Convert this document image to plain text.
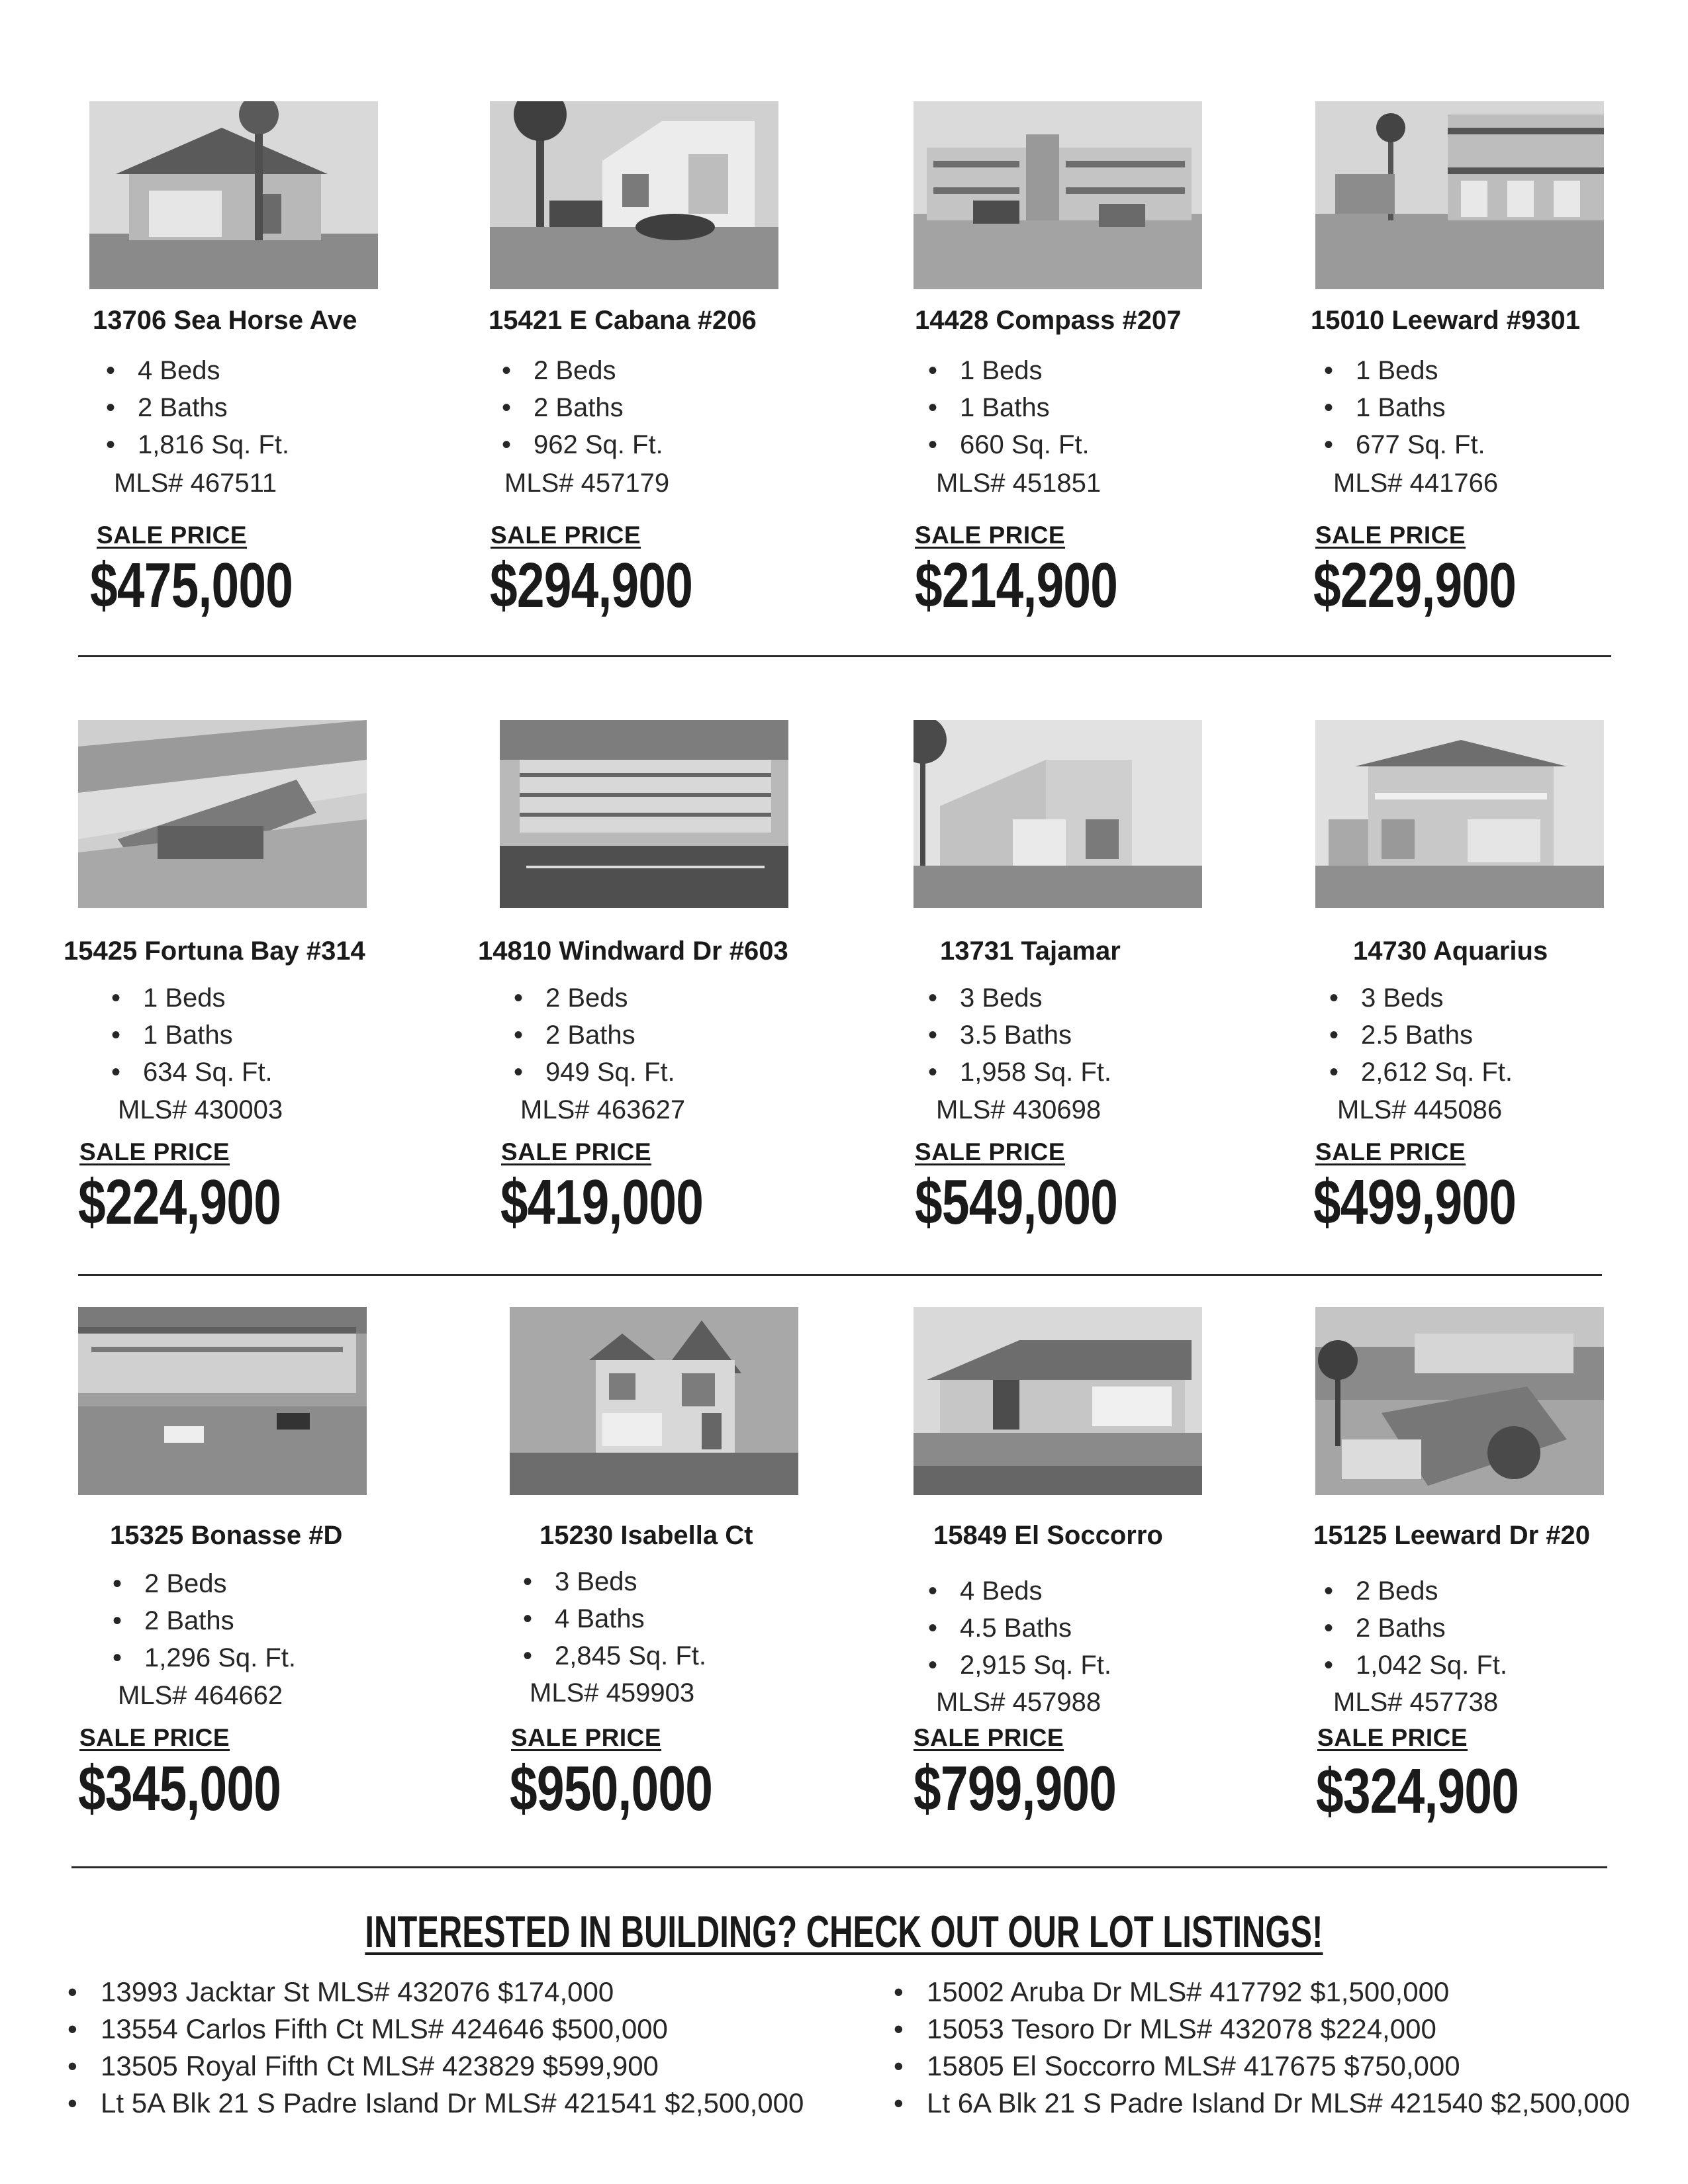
13706 Sea Horse Ave
• 4 Beds
• 2 Baths
• 1,816 Sq. Ft.
MLS# 467511
SALE PRICE
$475,000
15421 E Cabana #206
• 2 Beds
• 2 Baths
• 962 Sq. Ft.
MLS# 457179
SALE PRICE
$294,900
14428 Compass #207
• 1 Beds
• 1 Baths
• 660 Sq. Ft.
MLS# 451851
SALE PRICE
$214,900
15010 Leeward #9301
• 1 Beds
• 1 Baths
• 677 Sq. Ft.
MLS# 441766
SALE PRICE
$229,900
15425 Fortuna Bay #314
• 1 Beds
• 1 Baths
• 634 Sq. Ft.
MLS# 430003
SALE PRICE
$224,900
14810 Windward Dr #603
• 2 Beds
• 2 Baths
• 949 Sq. Ft.
MLS# 463627
SALE PRICE
$419,000
13731 Tajamar
• 3 Beds
• 3.5 Baths
• 1,958 Sq. Ft.
MLS# 430698
SALE PRICE
$549,000
14730 Aquarius
• 3 Beds
• 2.5 Baths
• 2,612 Sq. Ft.
MLS# 445086
SALE PRICE
$499,900
15325 Bonasse #D
• 2 Beds
• 2 Baths
• 1,296 Sq. Ft.
MLS# 464662
SALE PRICE
$345,000
15230 Isabella Ct
• 3 Beds
• 4 Baths
• 2,845 Sq. Ft.
MLS# 459903
SALE PRICE
$950,000
15849 El Soccorro
• 4 Beds
• 4.5 Baths
• 2,915 Sq. Ft.
MLS# 457988
SALE PRICE
$799,900
15125 Leeward Dr #20
• 2 Beds
• 2 Baths
• 1,042 Sq. Ft.
MLS# 457738
SALE PRICE
$324,900
INTERESTED IN BUILDING? CHECK OUT OUR LOT LISTINGS!
• 13993 Jacktar St MLS# 432076 $174,000
• 13554 Carlos Fifth Ct MLS# 424646 $500,000
• 13505 Royal Fifth Ct MLS# 423829 $599,900
• Lt 5A Blk 21 S Padre Island Dr MLS# 421541 $2,500,000
• 15002 Aruba Dr MLS# 417792 $1,500,000
• 15053 Tesoro Dr MLS# 432078 $224,000
• 15805 El Soccorro MLS# 417675 $750,000
• Lt 6A Blk 21 S Padre Island Dr MLS# 421540 $2,500,000
